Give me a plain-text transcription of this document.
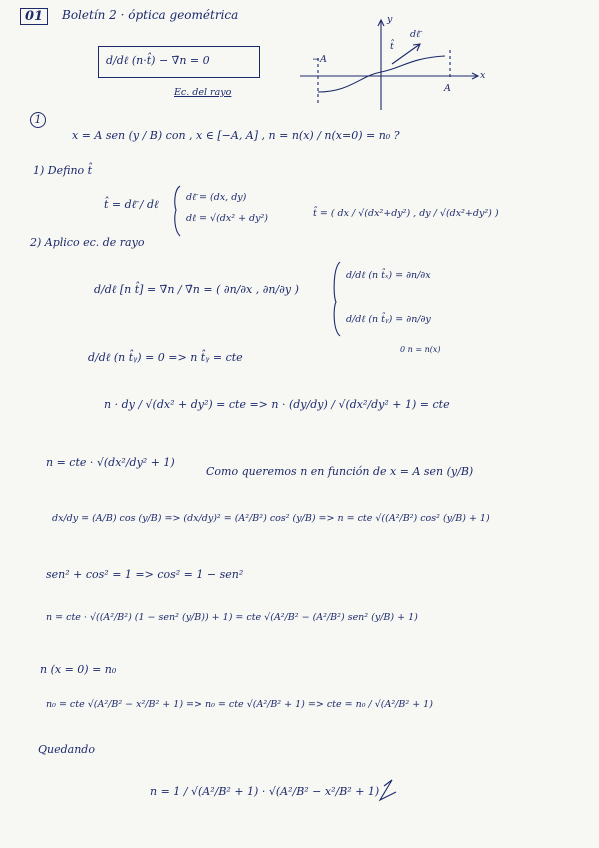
01	Boletín 2 · óptica geométrica
d/dℓ (n·t̂) − ∇̄n = 0
Ec. del rayo
x
y
−A
A
t̂
dℓ̄
1
x = A sen (y / B) con , x ∈ [−A, A] , n = n(x) / n(x=0) = n₀ ?
1) Defino t̂
t̂ = dℓ̄ / dℓ
dℓ̄ = (dx, dy)
dℓ = √(dx² + dy²)	t̂ = ( dx / √(dx²+dy²) , dy / √(dx²+dy²) )
2) Aplico ec. de rayo
d/dℓ [n t̂] = ∇̄n / ∇̄n = ( ∂n/∂x , ∂n/∂y )
d/dℓ (n t̂ₓ) = ∂n/∂x
d/dℓ (n t̂ᵧ) = ∂n/∂y
0 n = n(x)
d/dℓ (n t̂ᵧ) = 0 => n t̂ᵧ = cte
n · dy / √(dx² + dy²) = cte => n · (dy/dy) / √(dx²/dy² + 1) = cte
n = cte · √(dx²/dy² + 1)
Como queremos n en función de x = A sen (y/B)
dx/dy = (A/B) cos (y/B) => (dx/dy)² = (A²/B²) cos² (y/B) => n = cte √((A²/B²) cos² (y/B) + 1)
sen² + cos² = 1 => cos² = 1 − sen²
n = cte · √((A²/B²) (1 − sen² (y/B)) + 1) = cte √(A²/B² − (A²/B²) sen² (y/B) + 1)
n (x = 0) = n₀
n₀ = cte √(A²/B² − x²/B² + 1) => n₀ = cte √(A²/B² + 1) => cte = n₀ / √(A²/B² + 1)
Quedando
n = 1 / √(A²/B² + 1) · √(A²/B² − x²/B² + 1)
